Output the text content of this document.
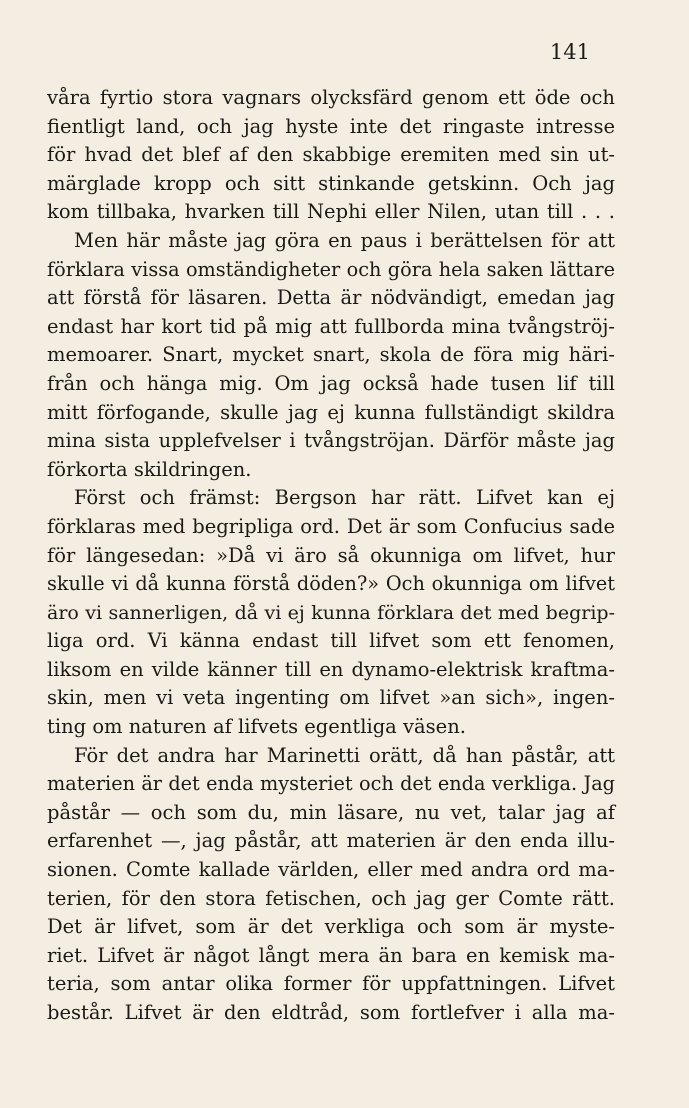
141
våra fyrtio stora vagnars olycksfärd genom ett öde och
fientligt land, och jag hyste inte det ringaste intresse
för hvad det blef af den skabbige eremiten med sin ut-
märglade kropp och sitt stinkande getskinn. Och jag
kom tillbaka, hvarken till Nephi eller Nilen, utan till . . .
Men här måste jag göra en paus i berättelsen för att
förklara vissa omständigheter och göra hela saken lättare
att förstå för läsaren. Detta är nödvändigt, emedan jag
endast har kort tid på mig att fullborda mina tvångströj-
memoarer. Snart, mycket snart, skola de föra mig häri-
från och hänga mig. Om jag också hade tusen lif till
mitt förfogande, skulle jag ej kunna fullständigt skildra
mina sista upplefvelser i tvångströjan. Därför måste jag
förkorta skildringen.
Först och främst: Bergson har rätt. Lifvet kan ej
förklaras med begripliga ord. Det är som Confucius sade
för längesedan: »Då vi äro så okunniga om lifvet, hur
skulle vi då kunna förstå döden?» Och okunniga om lifvet
äro vi sannerligen, då vi ej kunna förklara det med begrip-
liga ord. Vi känna endast till lifvet som ett fenomen,
liksom en vilde känner till en dynamo-elektrisk kraftma-
skin, men vi veta ingenting om lifvet »an sich», ingen-
ting om naturen af lifvets egentliga väsen.
För det andra har Marinetti orätt, då han påstår, att
materien är det enda mysteriet och det enda verkliga. Jag
påstår — och som du, min läsare, nu vet, talar jag af
erfarenhet —, jag påstår, att materien är den enda illu-
sionen. Comte kallade världen, eller med andra ord ma-
terien, för den stora fetischen, och jag ger Comte rätt.
Det är lifvet, som är det verkliga och som är myste-
riet. Lifvet är något långt mera än bara en kemisk ma-
teria, som antar olika former för uppfattningen. Lifvet
består. Lifvet är den eldtråd, som fortlefver i alla ma-
